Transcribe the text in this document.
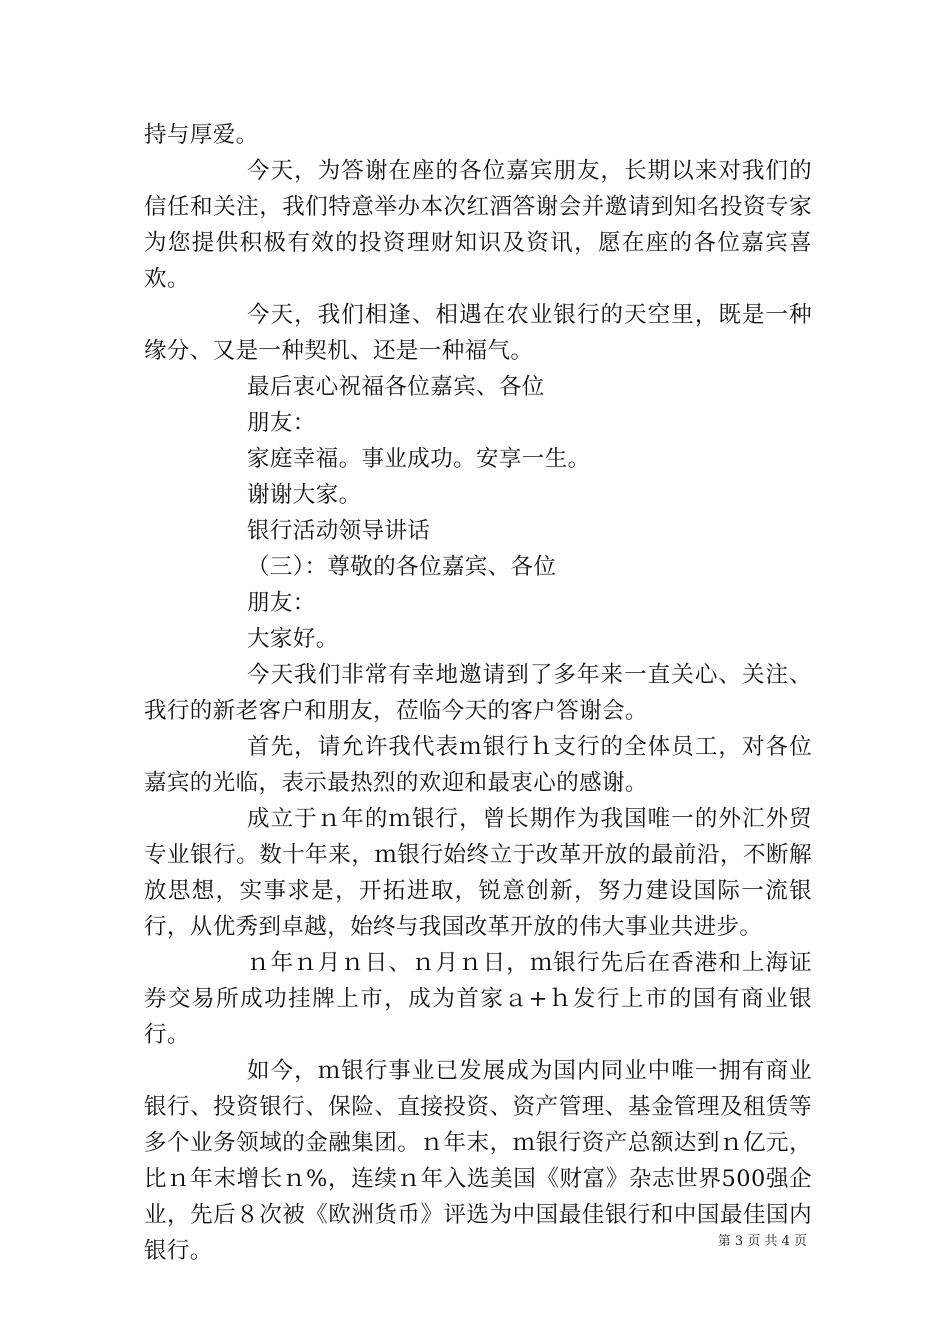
持与厚爱。

今天，为答谢在座的各位嘉宾朋友，长期以来对我们的信任和关注，我们特意举办本次红酒答谢会并邀请到知名投资专家为您提供积极有效的投资理财知识及资讯，愿在座的各位嘉宾喜欢。

今天，我们相逢、相遇在农业银行的天空里，既是一种缘分、又是一种契机、还是一种福气。

最后衷心祝福各位嘉宾、各位

朋友：

家庭幸福。事业成功。安享一生。

谢谢大家。

银行活动领导讲话

（三）：尊敬的各位嘉宾、各位

朋友：

大家好。

今天我们非常有幸地邀请到了多年来一直关心、关注、我行的新老客户和朋友，莅临今天的客户答谢会。

首先，请允许我代表ｍ银行ｈ支行的全体员工，对各位嘉宾的光临，表示最热烈的欢迎和最衷心的感谢。

成立于ｎ年的ｍ银行，曾长期作为我国唯一的外汇外贸专业银行。数十年来，ｍ银行始终立于改革开放的最前沿，不断解放思想，实事求是，开拓进取，锐意创新，努力建设国际一流银行，从优秀到卓越，始终与我国改革开放的伟大事业共进步。

ｎ年ｎ月ｎ日、ｎ月ｎ日，ｍ银行先后在香港和上海证券交易所成功挂牌上市，成为首家ａ+ｈ发行上市的国有商业银行。

如今，ｍ银行事业已发展成为国内同业中唯一拥有商业银行、投资银行、保险、直接投资、资产管理、基金管理及租赁等多个业务领域的金融集团。ｎ年末，ｍ银行资产总额达到ｎ亿元，比ｎ年末增长ｎ%，连续ｎ年入选美国《财富》杂志世界500强企业，先后８次被《欧洲货币》评选为中国最佳银行和中国最佳国内银行。	第 3 页 共 4 页
